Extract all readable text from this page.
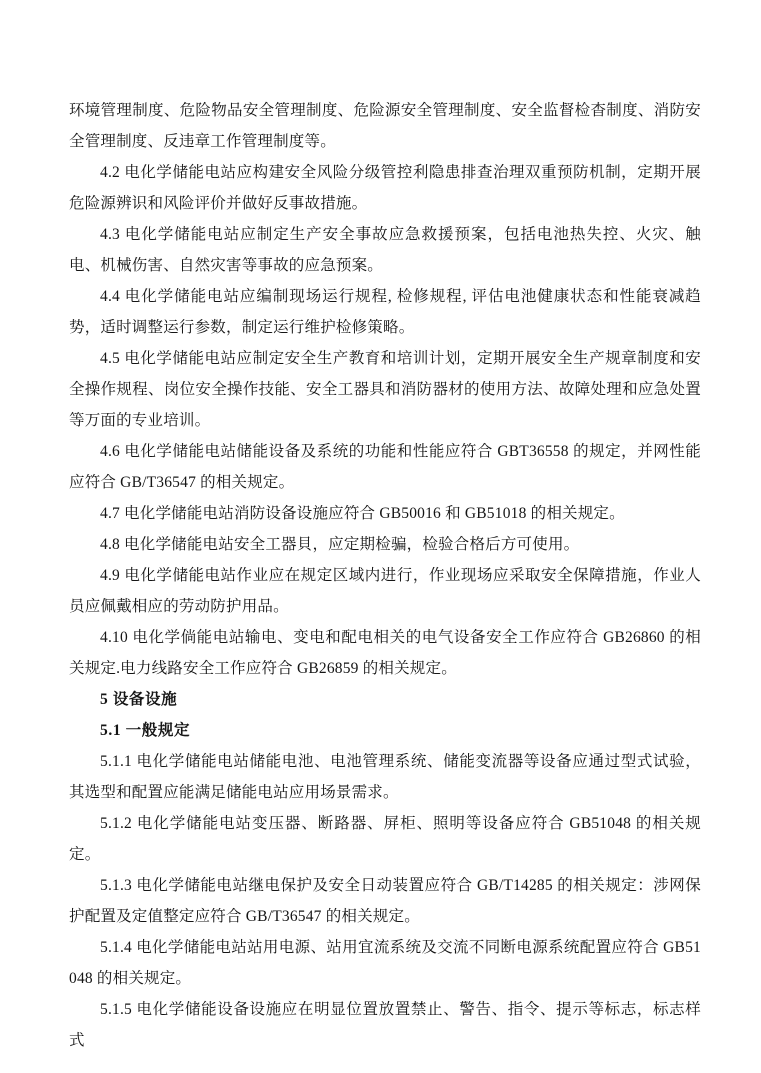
环境管理制度、危险物品安全管理制度、危险源安全管理制度、安全监督检杳制度、消防安全管理制度、反违章工作管理制度等。

4.2 电化学储能电站应构建安全风险分级管控利隐患排查治理双重预防机制，定期开展危险源辨识和风险评价并做好反事故措施。

4.3 电化学储能电站应制定生产安全事故应急救援预案，包括电池热失控、火灾、触电、机械伤害、自然灾害等事故的应急预案。

4.4 电化学储能电站应编制现场运行规程, 检修规程, 评估电池健康状态和性能衰减趋势，适时调整运行参数，制定运行维护检修策略。

4.5 电化学储能电站应制定安全生产教育和培训计划，定期开展安全生产规章制度和安全操作规程、岗位安全操作技能、安全工器具和消防器材的使用方法、故障处理和应急处置等万面的专业培训。

4.6 电化学储能电站储能设备及系统的功能和性能应符合 GBT36558 的规定，并网性能应符合 GB/T36547 的相关规定。

4.7 电化学储能电站消防设备设施应符合 GB50016 和 GB51018 的相关规定。

4.8 电化学储能电站安全工器貝，应定期检骗，检验合格后方可使用。

4.9 电化学储能电站作业应在规定区域内进行，作业现场应采取安全保障措施，作业人员应佩戴相应的劳动防护用品。

4.10 电化学倘能电站输电、变电和配电相关的电气设备安全工作应符合 GB26860 的相关规定.电力线路安全工作应符合 GB26859 的相关规定。

5 设备设施

5.1 一般规定

5.1.1 电化学储能电站储能电池、电池管理系统、储能变流器等设备应通过型式试验，其选型和配置应能满足储能电站应用场景需求。

5.1.2 电化学储能电站变压器、断路器、屏柜、照明等设备应符合 GB51048 的相关规定。

5.1.3 电化学储能电站继电保护及安全日动装置应符合 GB/T14285 的相关规定：涉网保护配置及定值整定应符合 GB/T36547 的相关规定。

5.1.4 电化学储能电站站用电源、站用宜流系统及交流不同断电源系统配置应符合 GB51048 的相关规定。

5.1.5 电化学储能设备设施应在明显位置放置禁止、警告、指令、提示等标志，标志样式
